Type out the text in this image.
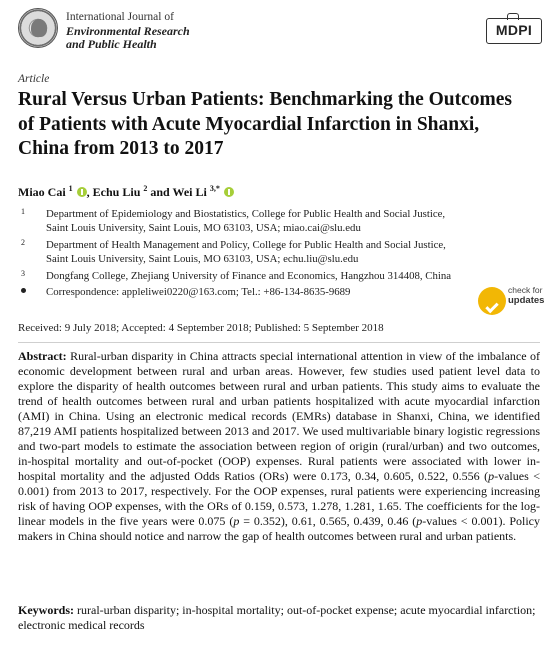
International Journal of
Environmental Research
and Public Health
MDPI
Article
Rural Versus Urban Patients: Benchmarking the Outcomes of Patients with Acute Myocardial Infarction in Shanxi, China from 2013 to 2017
Miao Cai $^1$ , Echu Liu $^2$ and Wei Li $^{3,*}$
1 Department of Epidemiology and Biostatistics, College for Public Health and Social Justice,
Saint Louis University, Saint Louis, MO 63103, USA; miao.cai@slu.edu
2 Department of Health Management and Policy, College for Public Health and Social Justice,
Saint Louis University, Saint Louis, MO 63103, USA; echu.liu@slu.edu
3 Dongfang College, Zhejiang University of Finance and Economics, Hangzhou 314408, China
Correspondence: appleliwei0220@163.com; Tel.: +86-134-8635-9689	check for
updates
Received: 9 July 2018; Accepted: 4 September 2018; Published: 5 September 2018
Abstract: Rural-urban disparity in China attracts special international attention in view of the imbalance of economic development between rural and urban areas. However, few studies used patient level data to explore the disparity of health outcomes between rural and urban patients. This study aims to evaluate the trend of health outcomes between rural and urban patients hospitalized with acute myocardial infarction (AMI) in China. Using an electronic medical records (EMRs) database in Shanxi, China, we identified 87,219 AMI patients hospitalized between 2013 and 2017. We used multivariable binary logistic regressions and two-part models to estimate the association between region of origin (rural/urban) and two outcomes, in-hospital mortality and out-of-pocket (OOP) expenses. Rural patients were associated with lower in-hospital mortality and the adjusted Odds Ratios (ORs) were 0.173, 0.34, 0.605, 0.522, 0.556 (p-values < 0.001) from 2013 to 2017, respectively. For the OOP expenses, rural patients were experiencing increasing risk of having OOP expenses, with the ORs of 0.159, 0.573, 1.278, 1.281, 1.65. The coefficients for the log-linear models in the five years were 0.075 (p = 0.352), 0.61, 0.565, 0.439, 0.46 (p-values < 0.001). Policy makers in China should notice and narrow the gap of health outcomes between rural and urban patients.
Keywords: rural-urban disparity; in-hospital mortality; out-of-pocket expense; acute myocardial infarction; electronic medical records
